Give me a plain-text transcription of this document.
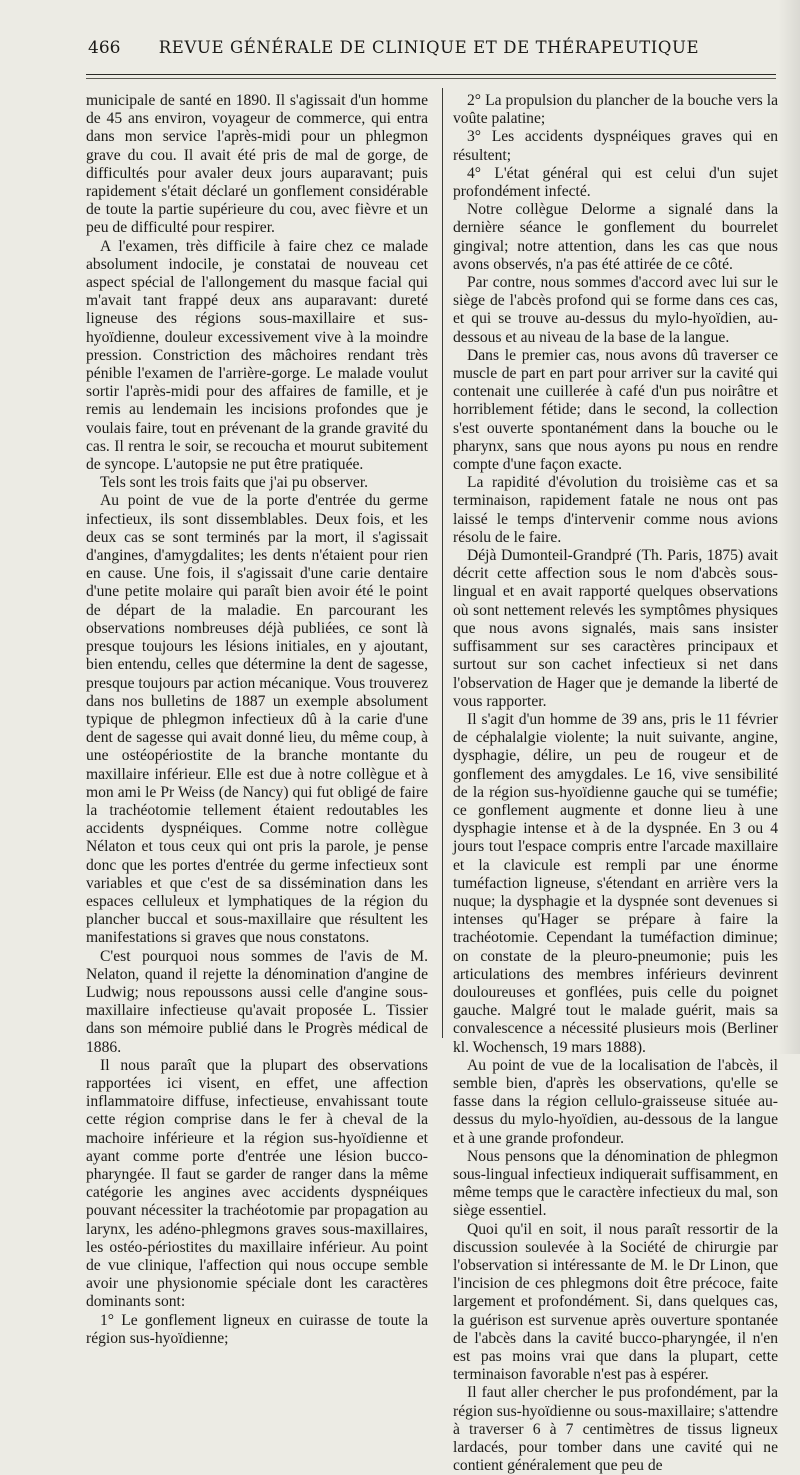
466	REVUE GÉNÉRALE DE CLINIQUE ET DE THÉRAPEUTIQUE

municipale de santé en 1890. Il s'agissait d'un homme de 45 ans environ, voyageur de commerce, qui entra dans mon service l'après-midi pour un phlegmon grave du cou. Il avait été pris de mal de gorge, de difficultés pour avaler deux jours auparavant; puis rapidement s'était déclaré un gonflement considérable de toute la partie supérieure du cou, avec fièvre et un peu de difficulté pour respirer.

A l'examen, très difficile à faire chez ce malade absolument indocile, je constatai de nouveau cet aspect spécial de l'allongement du masque facial qui m'avait tant frappé deux ans auparavant: dureté ligneuse des régions sous-maxillaire et sus-hyoïdienne, douleur excessivement vive à la moindre pression. Constriction des mâchoires rendant très pénible l'examen de l'arrière-gorge. Le malade voulut sortir l'après-midi pour des affaires de famille, et je remis au lendemain les incisions profondes que je voulais faire, tout en prévenant de la grande gravité du cas. Il rentra le soir, se recoucha et mourut subitement de syncope. L'autopsie ne put être pratiquée.

Tels sont les trois faits que j'ai pu observer.

Au point de vue de la porte d'entrée du germe infectieux, ils sont dissemblables. Deux fois, et les deux cas se sont terminés par la mort, il s'agissait d'angines, d'amygdalites; les dents n'étaient pour rien en cause. Une fois, il s'agissait d'une carie dentaire d'une petite molaire qui paraît bien avoir été le point de départ de la maladie. En parcourant les observations nombreuses déjà publiées, ce sont là presque toujours les lésions initiales, en y ajoutant, bien entendu, celles que détermine la dent de sagesse, presque toujours par action mécanique. Vous trouverez dans nos bulletins de 1887 un exemple absolument typique de phlegmon infectieux dû à la carie d'une dent de sagesse qui avait donné lieu, du même coup, à une ostéopériostite de la branche montante du maxillaire inférieur. Elle est due à notre collègue et à mon ami le Pr Weiss (de Nancy) qui fut obligé de faire la trachéotomie tellement étaient redoutables les accidents dyspnéiques. Comme notre collègue Nélaton et tous ceux qui ont pris la parole, je pense donc que les portes d'entrée du germe infectieux sont variables et que c'est de sa dissémination dans les espaces celluleux et lymphatiques de la région du plancher buccal et sous-maxillaire que résultent les manifestations si graves que nous constatons.

C'est pourquoi nous sommes de l'avis de M. Nelaton, quand il rejette la dénomination d'angine de Ludwig; nous repoussons aussi celle d'angine sous-maxillaire infectieuse qu'avait proposée L. Tissier dans son mémoire publié dans le Progrès médical de 1886.

Il nous paraît que la plupart des observations rapportées ici visent, en effet, une affection inflammatoire diffuse, infectieuse, envahissant toute cette région comprise dans le fer à cheval de la machoire inférieure et la région sus-hyoïdienne et ayant comme porte d'entrée une lésion bucco-pharyngée. Il faut se garder de ranger dans la même catégorie les angines avec accidents dyspnéiques pouvant nécessiter la trachéotomie par propagation au larynx, les adéno-phlegmons graves sous-maxillaires, les ostéo-périostites du maxillaire inférieur. Au point de vue clinique, l'affection qui nous occupe semble avoir une physionomie spéciale dont les caractères dominants sont:

1° Le gonflement ligneux en cuirasse de toute la région sus-hyoïdienne;

2° La propulsion du plancher de la bouche vers la voûte palatine;

3° Les accidents dyspnéiques graves qui en résultent;

4° L'état général qui est celui d'un sujet profondément infecté.

Notre collègue Delorme a signalé dans la dernière séance le gonflement du bourrelet gingival; notre attention, dans les cas que nous avons observés, n'a pas été attirée de ce côté.

Par contre, nous sommes d'accord avec lui sur le siège de l'abcès profond qui se forme dans ces cas, et qui se trouve au-dessus du mylo-hyoïdien, au-dessous et au niveau de la base de la langue.

Dans le premier cas, nous avons dû traverser ce muscle de part en part pour arriver sur la cavité qui contenait une cuillerée à café d'un pus noirâtre et horriblement fétide; dans le second, la collection s'est ouverte spontanément dans la bouche ou le pharynx, sans que nous ayons pu nous en rendre compte d'une façon exacte.

La rapidité d'évolution du troisième cas et sa terminaison, rapidement fatale ne nous ont pas laissé le temps d'intervenir comme nous avions résolu de le faire.

Déjà Dumonteil-Grandpré (Th. Paris, 1875) avait décrit cette affection sous le nom d'abcès sous-lingual et en avait rapporté quelques observations où sont nettement relevés les symptômes physiques que nous avons signalés, mais sans insister suffisamment sur ses caractères principaux et surtout sur son cachet infectieux si net dans l'observation de Hager que je demande la liberté de vous rapporter.

Il s'agit d'un homme de 39 ans, pris le 11 février de céphalalgie violente; la nuit suivante, angine, dysphagie, délire, un peu de rougeur et de gonflement des amygdales. Le 16, vive sensibilité de la région sus-hyoïdienne gauche qui se tuméfie; ce gonflement augmente et donne lieu à une dysphagie intense et à de la dyspnée. En 3 ou 4 jours tout l'espace compris entre l'arcade maxillaire et la clavicule est rempli par une énorme tuméfaction ligneuse, s'étendant en arrière vers la nuque; la dysphagie et la dyspnée sont devenues si intenses qu'Hager se prépare à faire la trachéotomie. Cependant la tuméfaction diminue; on constate de la pleuro-pneumonie; puis les articulations des membres inférieurs devinrent douloureuses et gonflées, puis celle du poignet gauche. Malgré tout le malade guérit, mais sa convalescence a nécessité plusieurs mois (Berliner kl. Wochensch, 19 mars 1888).

Au point de vue de la localisation de l'abcès, il semble bien, d'après les observations, qu'elle se fasse dans la région cellulo-graisseuse située au-dessus du mylo-hyoïdien, au-dessous de la langue et à une grande profondeur.

Nous pensons que la dénomination de phlegmon sous-lingual infectieux indiquerait suffisamment, en même temps que le caractère infectieux du mal, son siège essentiel.

Quoi qu'il en soit, il nous paraît ressortir de la discussion soulevée à la Société de chirurgie par l'observation si intéressante de M. le Dr Linon, que l'incision de ces phlegmons doit être précoce, faite largement et profondément. Si, dans quelques cas, la guérison est survenue après ouverture spontanée de l'abcès dans la cavité bucco-pharyngée, il n'en est pas moins vrai que dans la plupart, cette terminaison favorable n'est pas à espérer.

Il faut aller chercher le pus profondément, par la région sus-hyoïdienne ou sous-maxillaire; s'attendre à traverser 6 à 7 centimètres de tissus ligneux lardacés, pour tomber dans une cavité qui ne contient généralement que peu de
